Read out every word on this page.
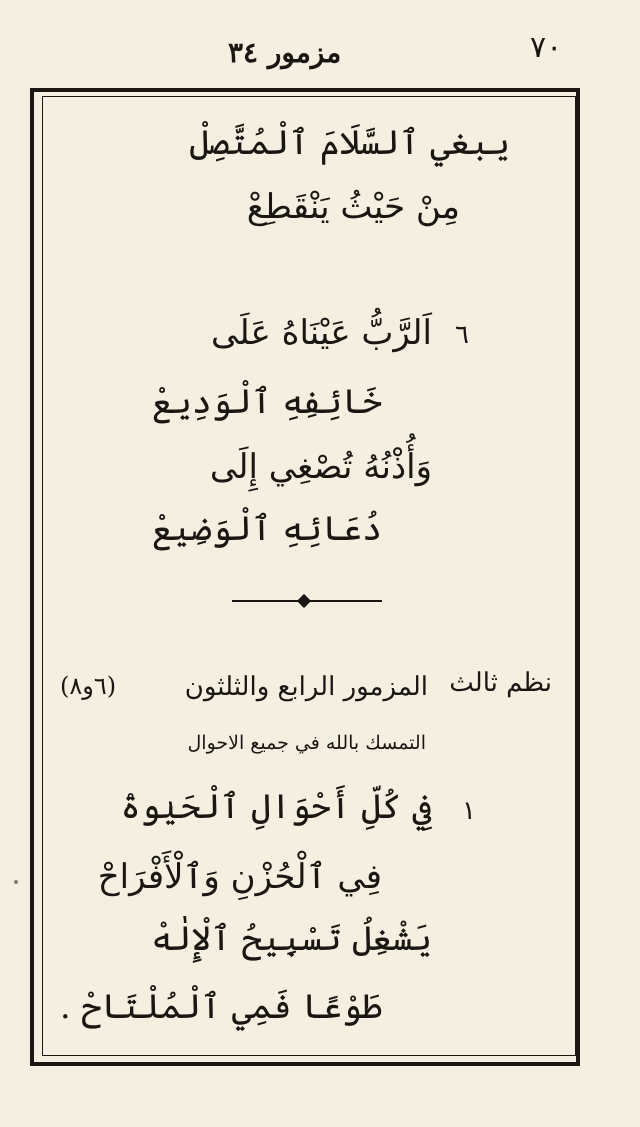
٧٠
مزمور ٣٤
يبغي ٱلسَّلَامَ ٱلْمُتَّصِلْ
مِنْ حَيْثُ يَنْقَطِعْ
٦
اَلرَّبُّ عَيْنَاهُ عَلَى
خَائِفِهِ ٱلْوَدِيعْ
وَأُذْنُهُ تُصْغِي إِلَى
دُعَائِهِ ٱلْوَضِيعْ
نظم ثالث
المزمور الرابع والثلثون
(٦و٨)
التمسك بالله في جميع الاحوال
١
فِي كُلِّ أَحْوَالِ ٱلْحَيٰوةْ
فِي ٱلْحُزْنِ وَٱلْأَفْرَاحْ
يَشْغِلُ تَسْبِيحُ ٱلْإِلٰهْ
طَوْعًا فَمِي ٱلْمُلْتَاحْ .
